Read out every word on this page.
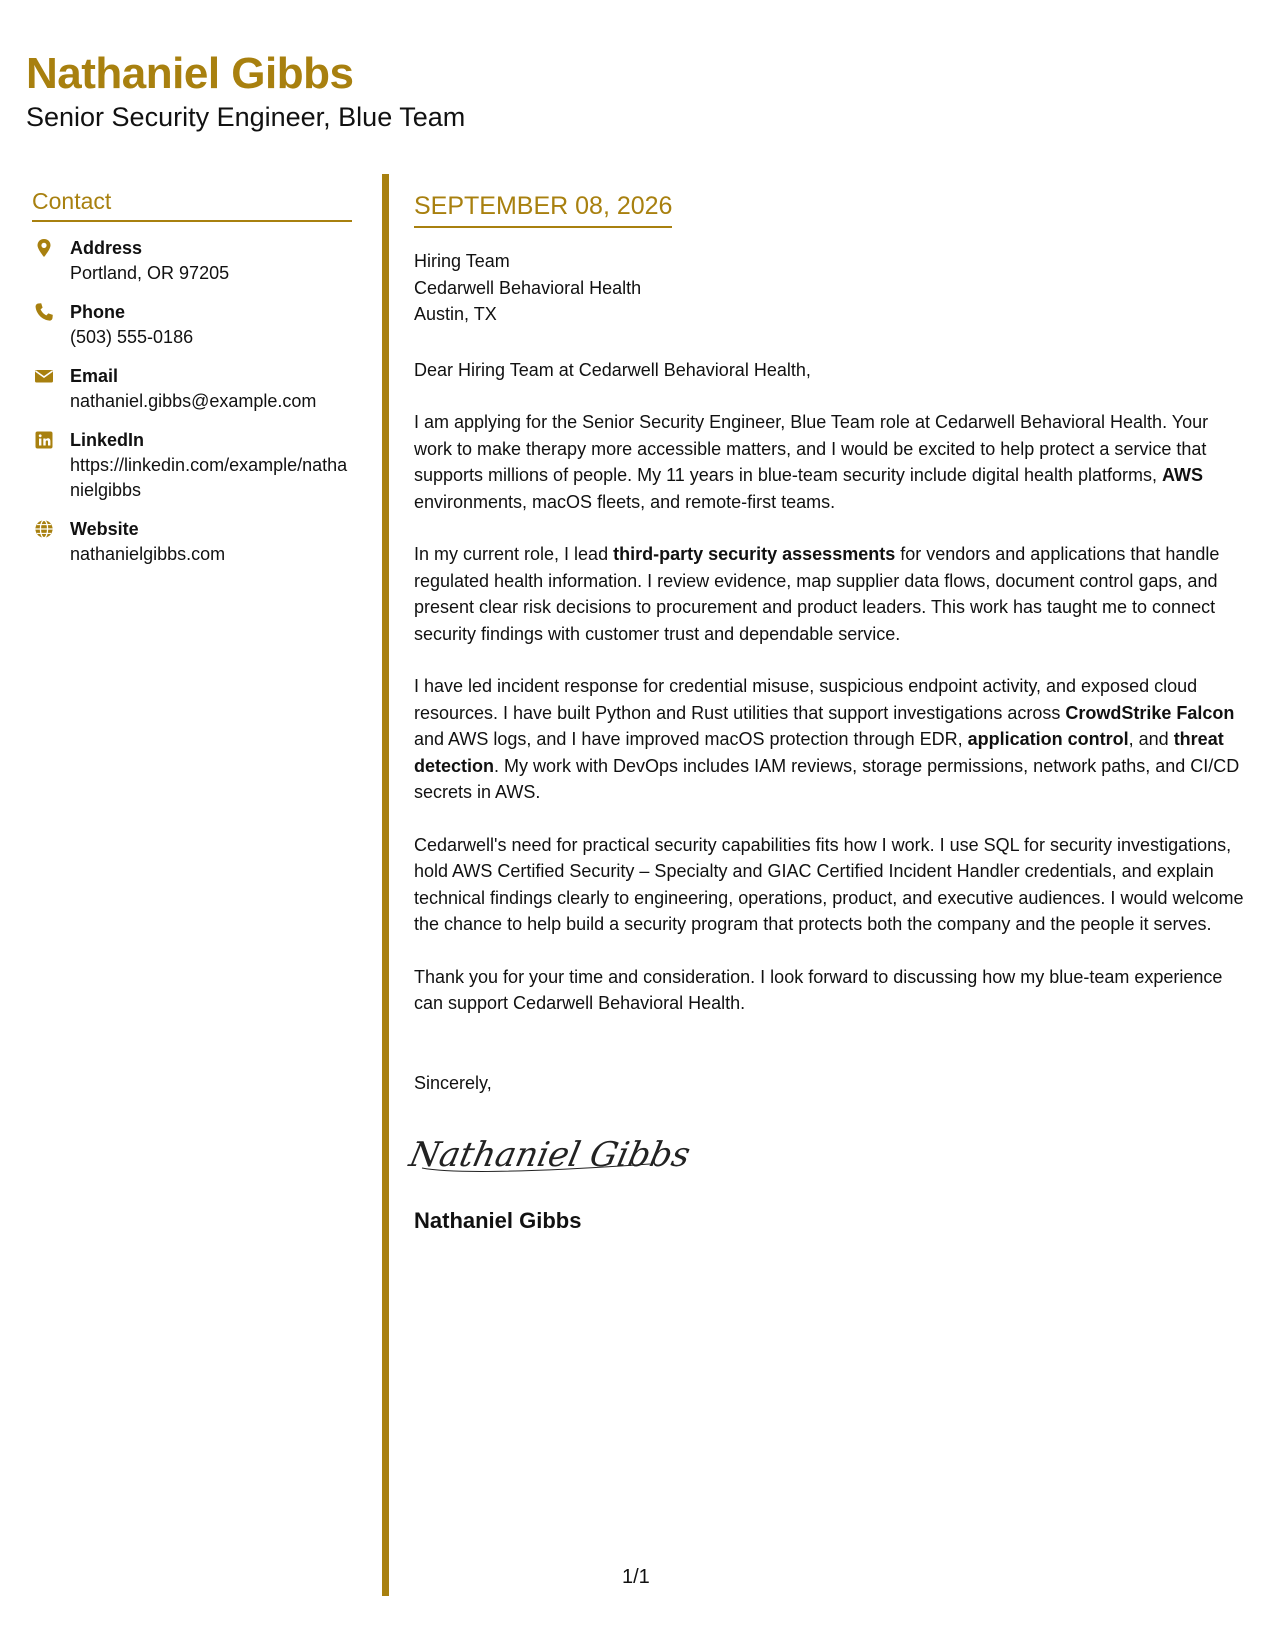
Nathaniel Gibbs
Senior Security Engineer, Blue Team
Contact
Address
Portland, OR 97205
Phone
(503) 555-0186
Email
nathaniel.gibbs@example.com
LinkedIn
https://linkedin.com/example/nathanielgibbs
Website
nathanielgibbs.com
SEPTEMBER 08, 2026
Hiring Team
Cedarwell Behavioral Health
Austin, TX
Dear Hiring Team at Cedarwell Behavioral Health,
I am applying for the Senior Security Engineer, Blue Team role at Cedarwell Behavioral Health. Your work to make therapy more accessible matters, and I would be excited to help protect a service that supports millions of people. My 11 years in blue-team security include digital health platforms, AWS environments, macOS fleets, and remote-first teams.
In my current role, I lead third-party security assessments for vendors and applications that handle regulated health information. I review evidence, map supplier data flows, document control gaps, and present clear risk decisions to procurement and product leaders. This work has taught me to connect security findings with customer trust and dependable service.
I have led incident response for credential misuse, suspicious endpoint activity, and exposed cloud resources. I have built Python and Rust utilities that support investigations across CrowdStrike Falcon and AWS logs, and I have improved macOS protection through EDR, application control, and threat detection. My work with DevOps includes IAM reviews, storage permissions, network paths, and CI/CD secrets in AWS.
Cedarwell's need for practical security capabilities fits how I work. I use SQL for security investigations, hold AWS Certified Security – Specialty and GIAC Certified Incident Handler credentials, and explain technical findings clearly to engineering, operations, product, and executive audiences. I would welcome the chance to help build a security program that protects both the company and the people it serves.
Thank you for your time and consideration. I look forward to discussing how my blue-team experience can support Cedarwell Behavioral Health.
Sincerely,
Nathaniel Gibbs
Nathaniel Gibbs
1/1
